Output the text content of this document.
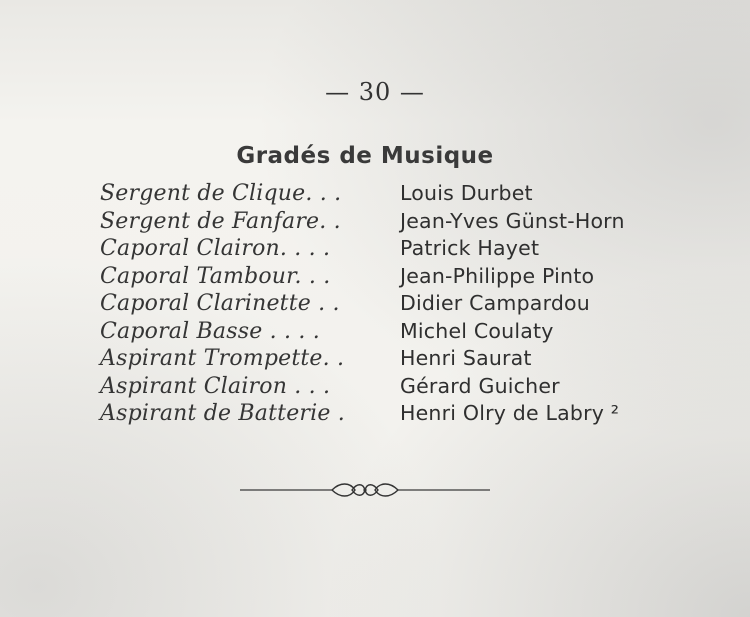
— 30 —
Gradés de Musique
Sergent de Clique. . .	Louis Durbet
Sergent de Fanfare. .	Jean-Yves Günst-Horn
Caporal Clairon. . . .	Patrick Hayet
Caporal Tambour. . .	Jean-Philippe Pinto
Caporal Clarinette . .	Didier Campardou
Caporal Basse . . . .	Michel Coulaty
Aspirant Trompette. .	Henri Saurat
Aspirant Clairon . . .	Gérard Guicher
Aspirant de Batterie .	Henri Olry de Labry ²
